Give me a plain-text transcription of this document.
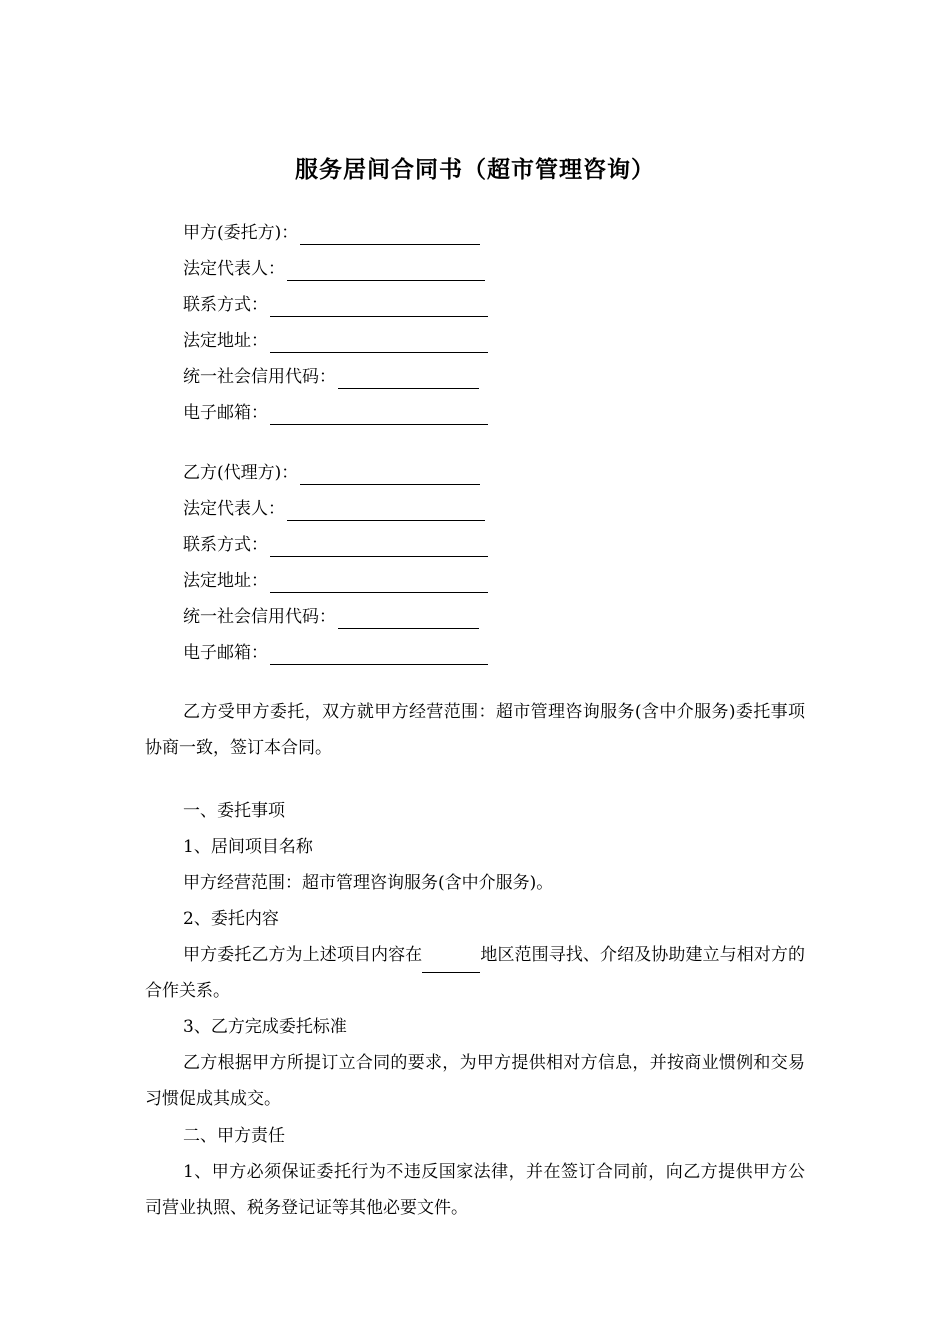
服务居间合同书（超市管理咨询）
甲方(委托方)：
法定代表人：
联系方式：
法定地址：
统一社会信用代码：
电子邮箱：
乙方(代理方)：
法定代表人：
联系方式：
法定地址：
统一社会信用代码：
电子邮箱：

乙方受甲方委托，双方就甲方经营范围：超市管理咨询服务(含中介服务)委托事项协商一致，签订本合同。

一、委托事项

1、居间项目名称

甲方经营范围：超市管理咨询服务(含中介服务)。

2、委托内容

甲方委托乙方为上述项目内容在	地区范围寻找、介绍及协助建立与相对方的合作关系。

3、乙方完成委托标准

乙方根据甲方所提订立合同的要求，为甲方提供相对方信息，并按商业惯例和交易习惯促成其成交。

二、甲方责任

1、甲方必须保证委托行为不违反国家法律，并在签订合同前，向乙方提供甲方公司营业执照、税务登记证等其他必要文件。
